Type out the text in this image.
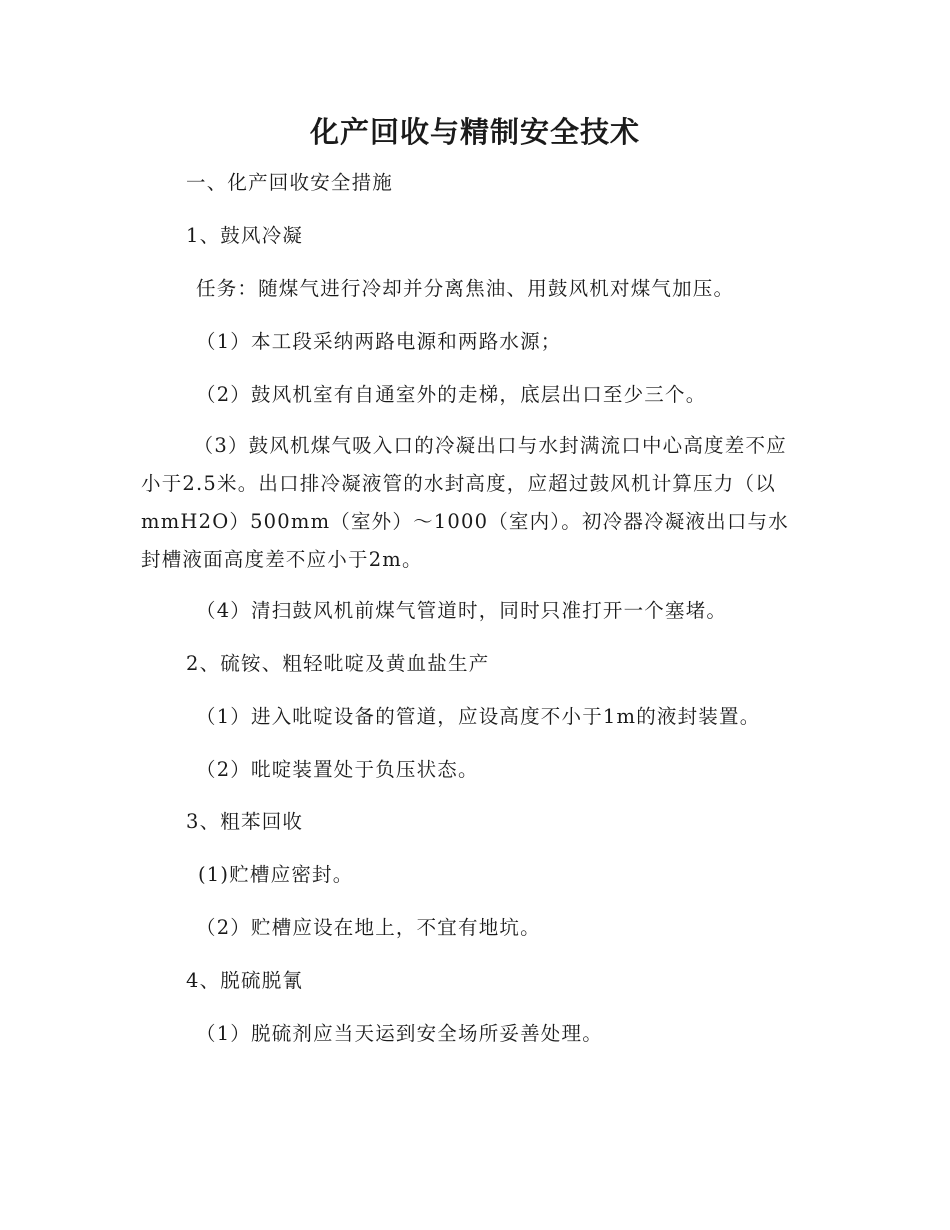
化产回收与精制安全技术
一、化产回收安全措施
1、鼓风冷凝
任务：随煤气进行冷却并分离焦油、用鼓风机对煤气加压。
（1）本工段采纳两路电源和两路水源；
（2）鼓风机室有自通室外的走梯，底层出口至少三个。
（3）鼓风机煤气吸入口的冷凝出口与水封满流口中心高度差不应小于2.5米。出口排冷凝液管的水封高度，应超过鼓风机计算压力（以mmH2O）500mm（室外）～1000（室内）。初冷器冷凝液出口与水封槽液面高度差不应小于2m。
（4）清扫鼓风机前煤气管道时，同时只准打开一个塞堵。
2、硫铵、粗轻吡啶及黄血盐生产
（1）进入吡啶设备的管道，应设高度不小于1m的液封装置。
（2）吡啶装置处于负压状态。
3、粗苯回收
(1)贮槽应密封。
（2）贮槽应设在地上，不宜有地坑。
4、脱硫脱氰
（1）脱硫剂应当天运到安全场所妥善处理。
